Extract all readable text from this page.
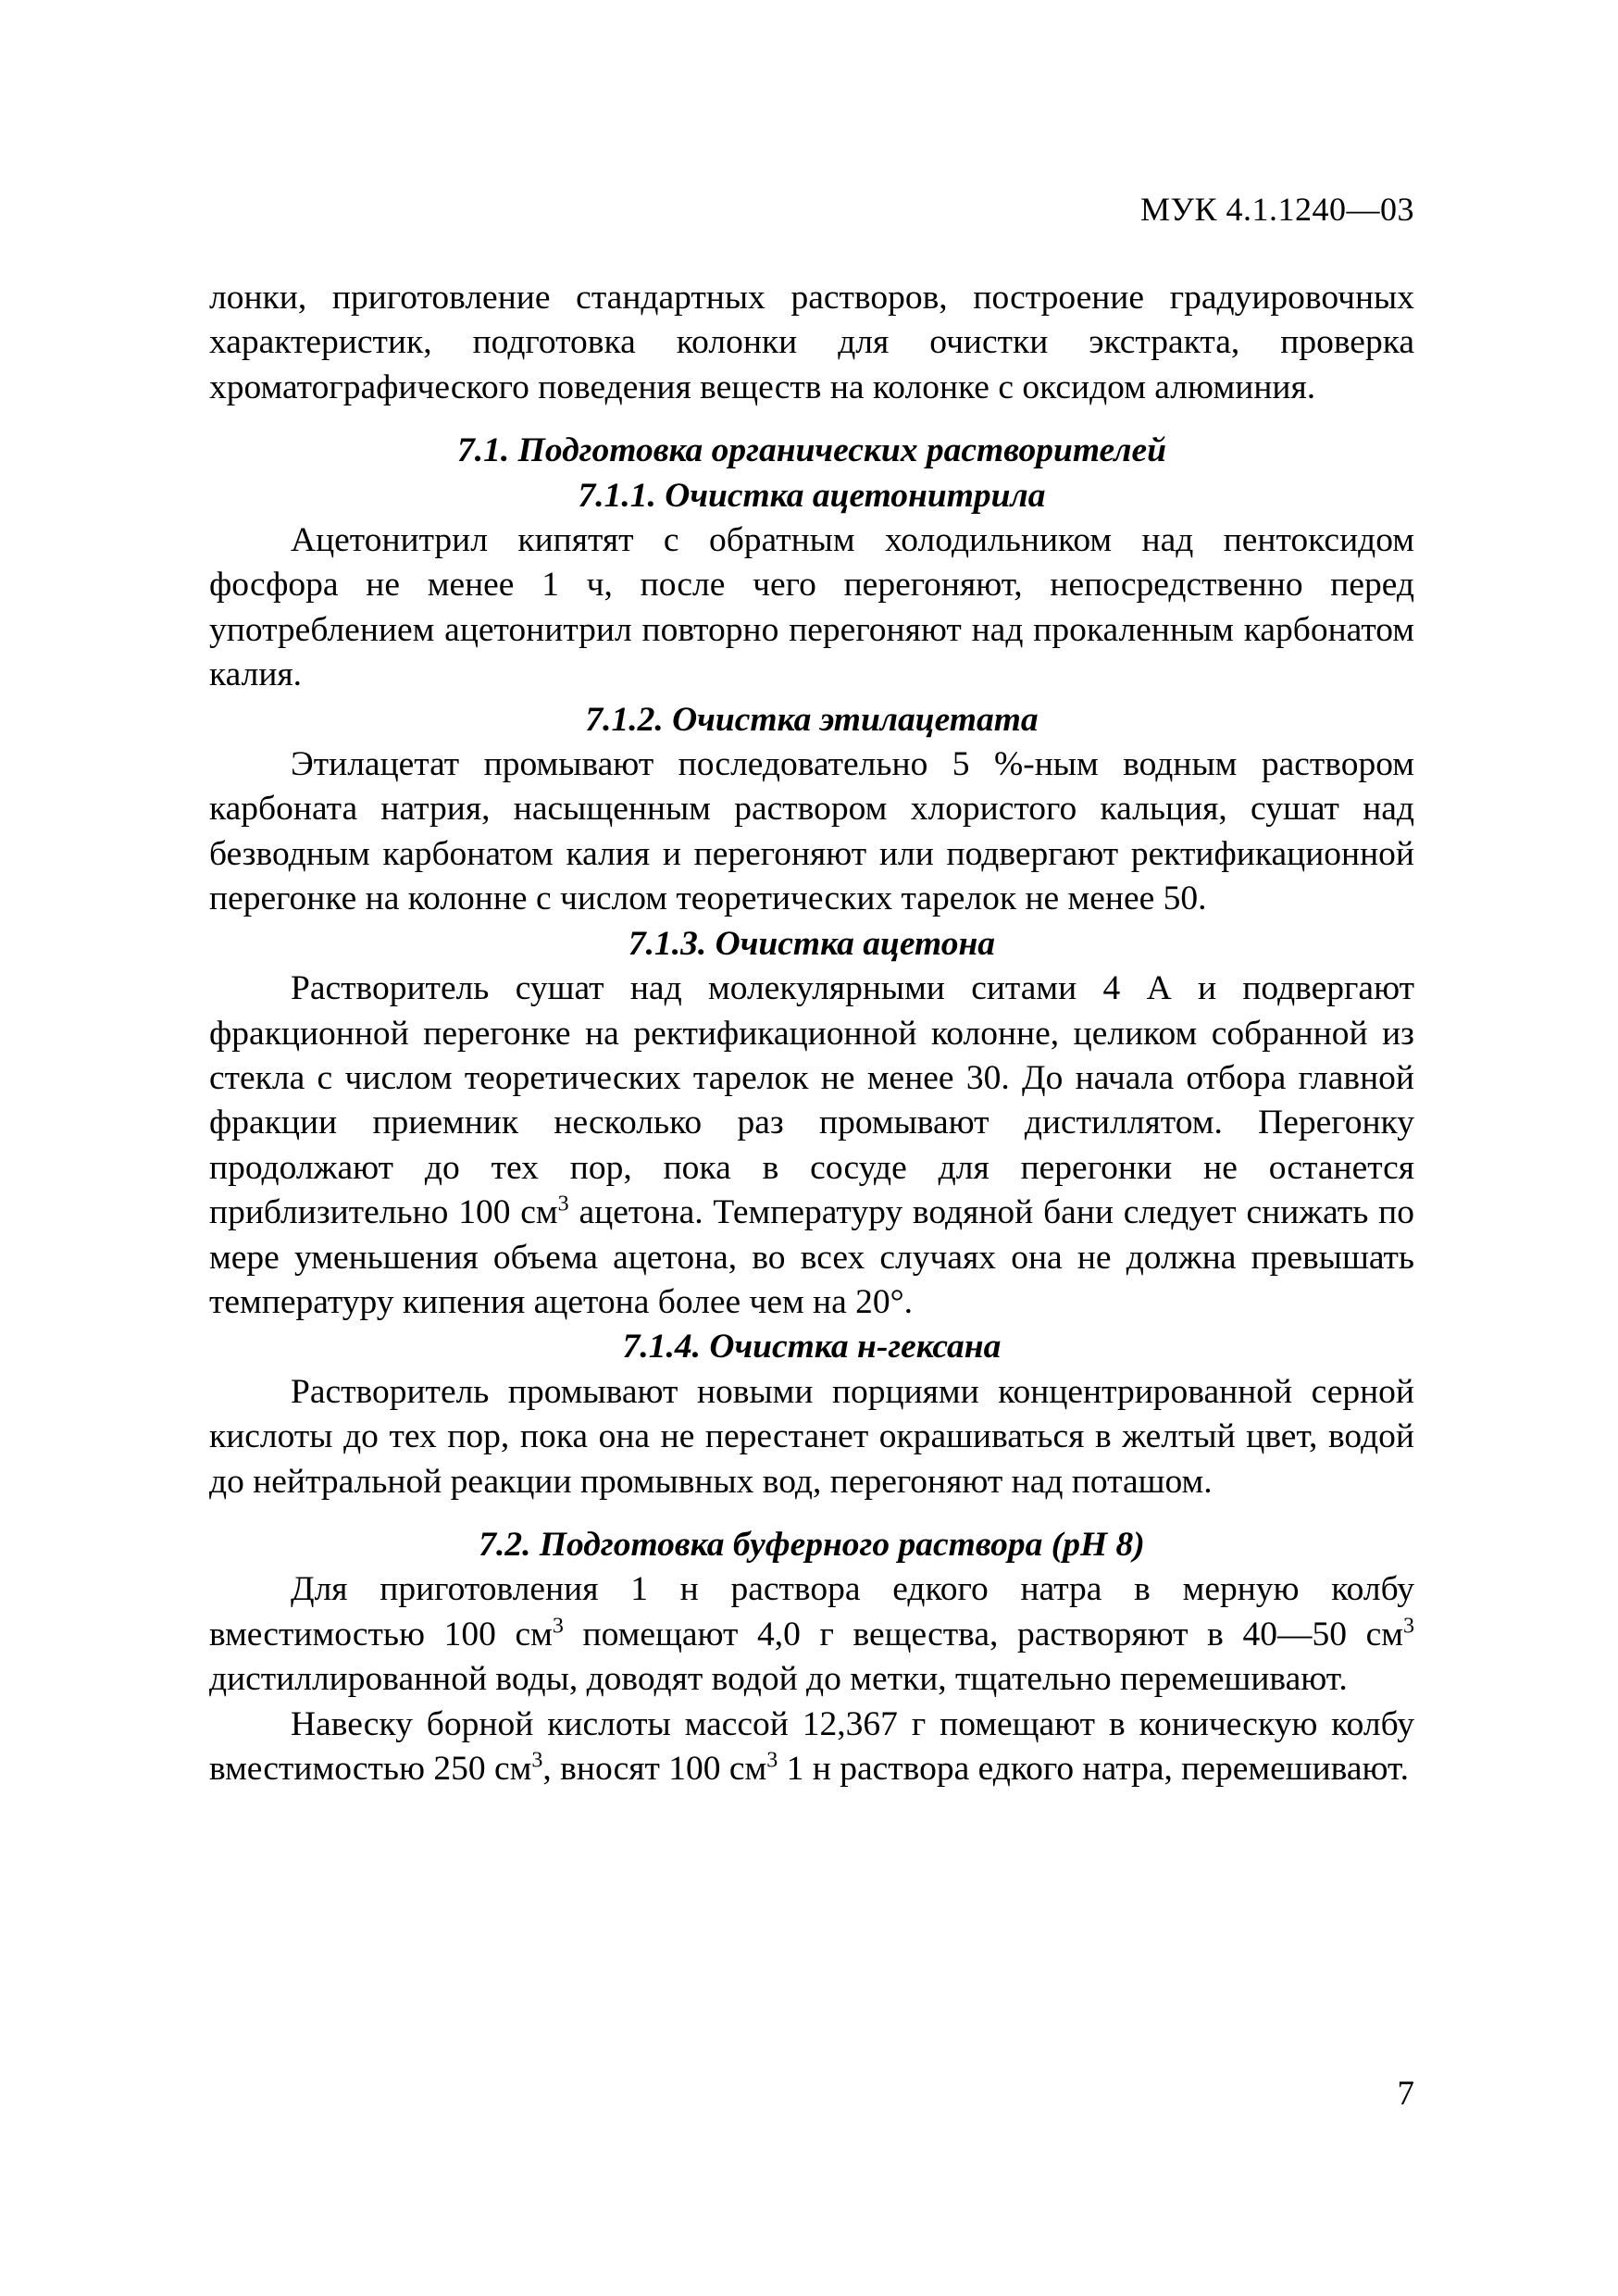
МУК 4.1.1240—03

лонки, приготовление стандартных растворов, построение градуировочных характеристик, подготовка колонки для очистки экстракта, проверка хроматографического поведения веществ на колонке с оксидом алюминия.

7.1. Подготовка органических растворителей
7.1.1. Очистка ацетонитрила

Ацетонитрил кипятят с обратным холодильником над пентоксидом фосфора не менее 1 ч, после чего перегоняют, непосредственно перед употреблением ацетонитрил повторно перегоняют над прокаленным карбонатом калия.

7.1.2. Очистка этилацетата

Этилацетат промывают последовательно 5 %-ным водным раствором карбоната натрия, насыщенным раствором хлористого кальция, сушат над безводным карбонатом калия и перегоняют или подвергают ректификационной перегонке на колонне с числом теоретических тарелок не менее 50.

7.1.3. Очистка ацетона

Растворитель сушат над молекулярными ситами 4 А и подвергают фракционной перегонке на ректификационной колонне, целиком собранной из стекла с числом теоретических тарелок не менее 30. До начала отбора главной фракции приемник несколько раз промывают дистиллятом. Перегонку продолжают до тех пор, пока в сосуде для перегонки не останется приблизительно 100 $см^3$ ацетона. Температуру водяной бани следует снижать по мере уменьшения объема ацетона, во всех случаях она не должна превышать температуру кипения ацетона более чем на 20°.

7.1.4. Очистка н-гексана

Растворитель промывают новыми порциями концентрированной серной кислоты до тех пор, пока она не перестанет окрашиваться в желтый цвет, водой до нейтральной реакции промывных вод, перегоняют над поташом.

7.2. Подготовка буферного раствора (рН 8)

Для приготовления 1 н раствора едкого натра в мерную колбу вместимостью 100 $см^3$ помещают 4,0 г вещества, растворяют в 40—50 $см^3$ дистиллированной воды, доводят водой до метки, тщательно перемешивают.

Навеску борной кислоты массой 12,367 г помещают в коническую колбу вместимостью 250 $см^3$, вносят 100 $см^3$ 1 н раствора едкого натра, перемешивают.

7
